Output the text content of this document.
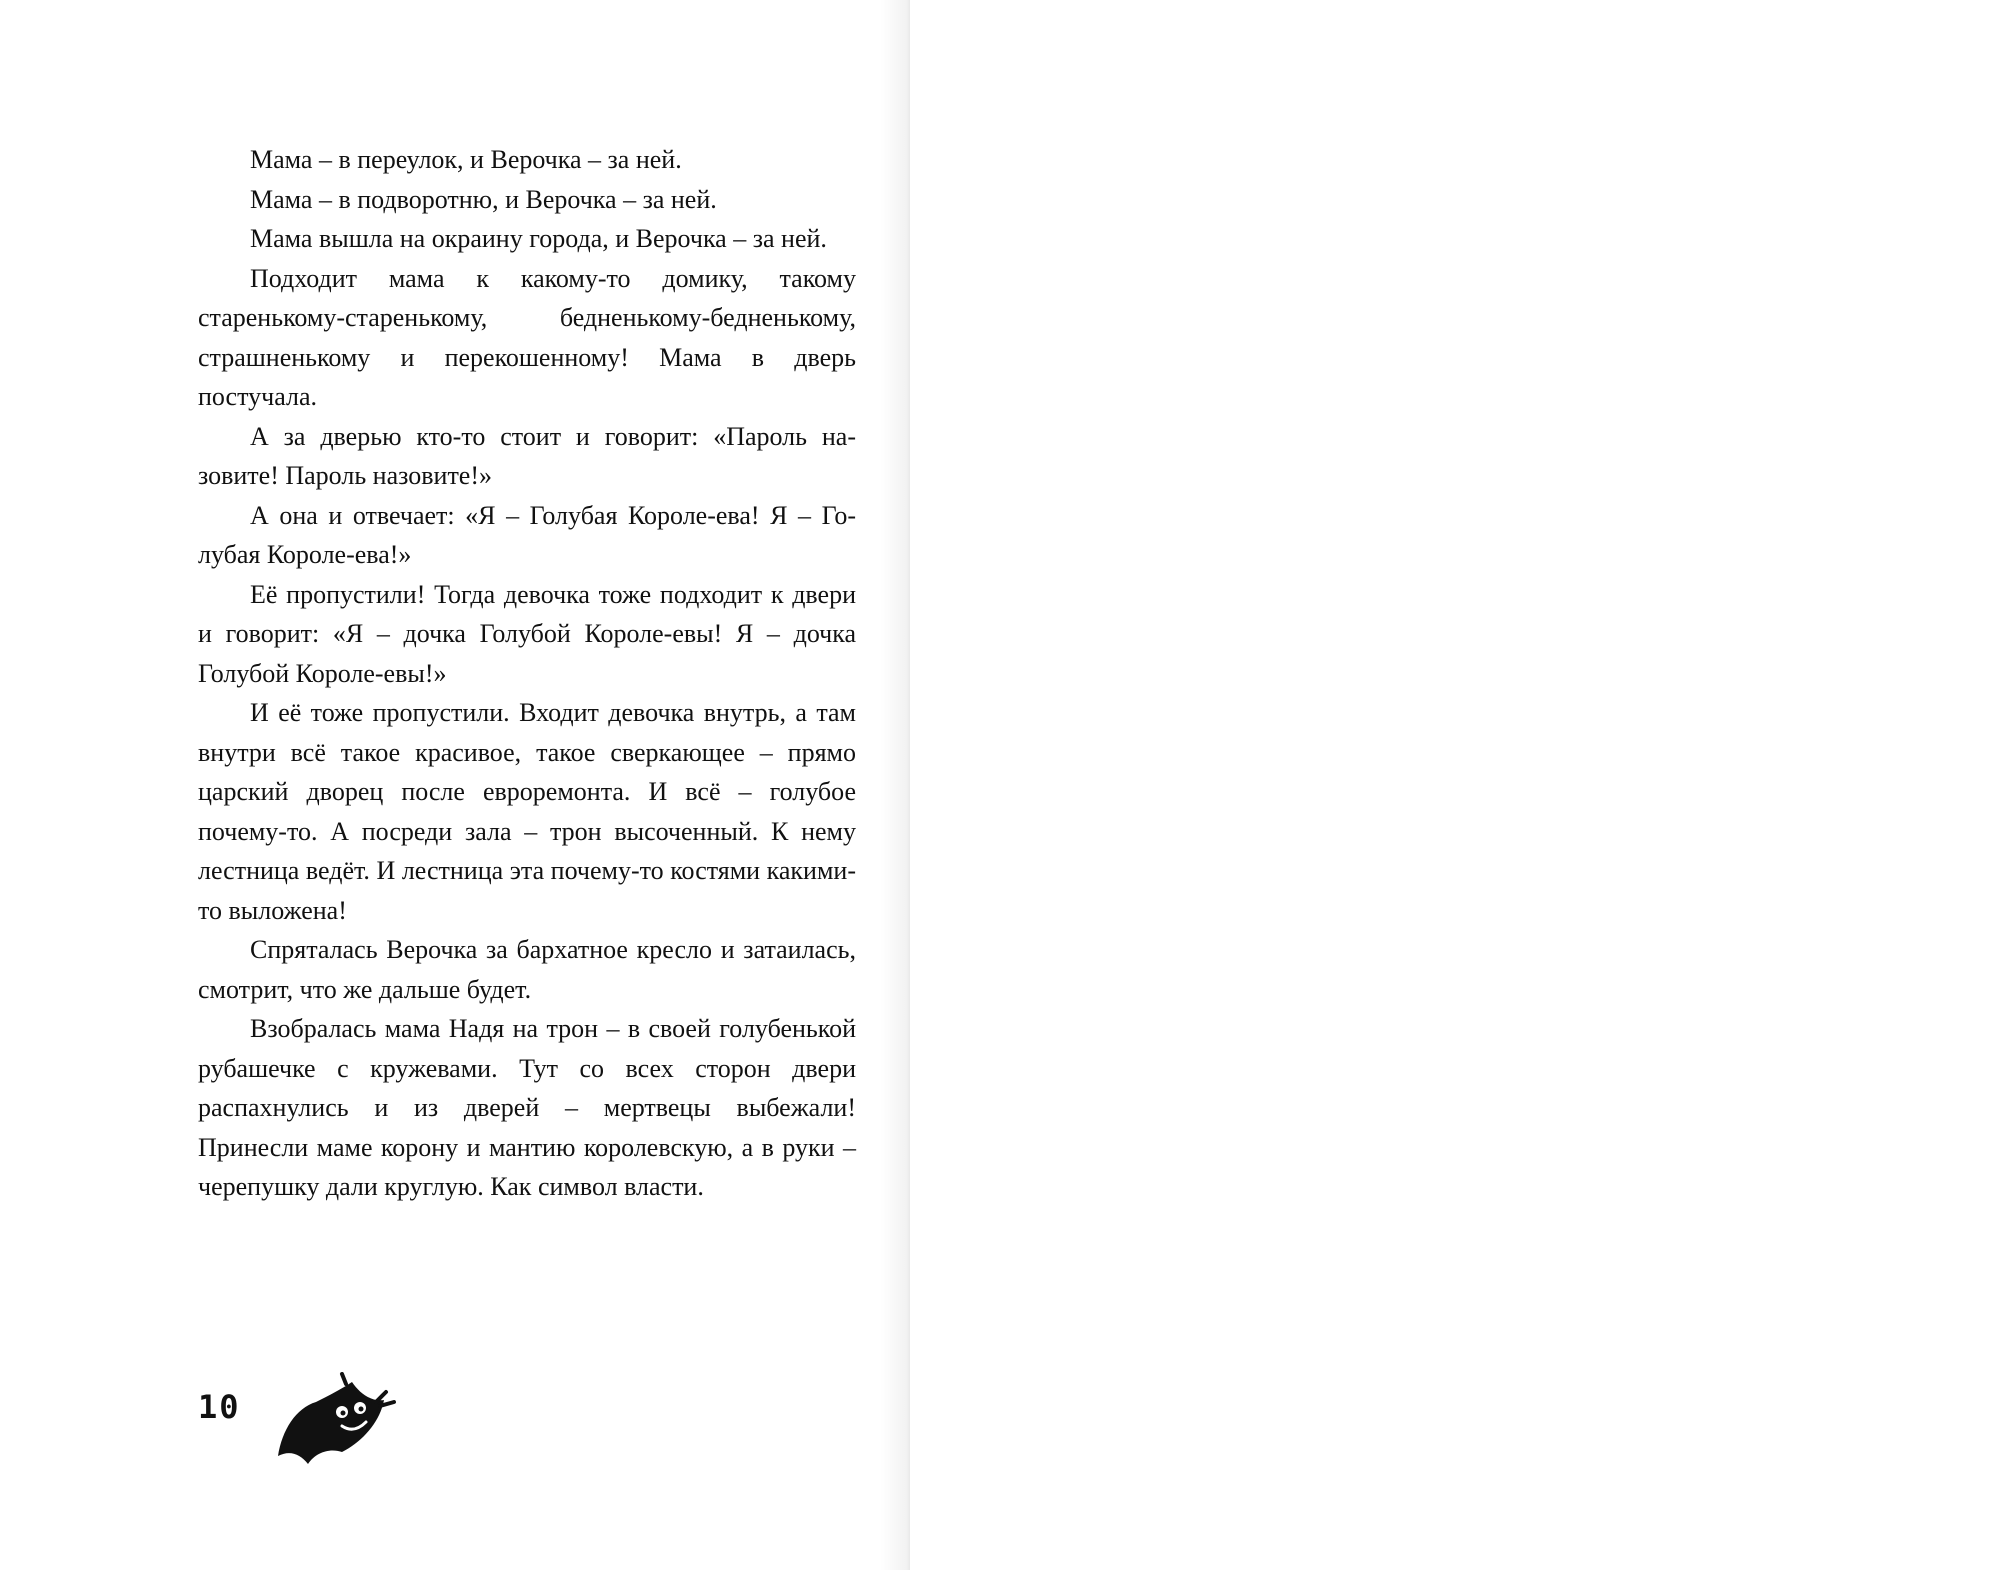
Мама – в переулок, и Верочка – за ней.

Мама – в подворотню, и Верочка – за ней.

Мама вышла на окраину города, и Верочка – за ней.

Подходит мама к какому-то домику, такому старенькому-старенькому, бедненькому-бедненькому, страшненькому и перекошенному! Мама в дверь постучала.

А за дверью кто-то стоит и говорит: «Пароль назовите! Пароль назовите!»

А она и отвечает: «Я – Голубая Короле-ева! Я – Голубая Короле-ева!»

Её пропустили! Тогда девочка тоже подходит к двери и говорит: «Я – дочка Голубой Короле-евы! Я – дочка Голубой Короле-евы!»

И её тоже пропустили. Входит девочка внутрь, а там внутри всё такое красивое, такое сверкающее – прямо царский дворец после евроремонта. И всё – голубое почему-то. А посреди зала – трон высоченный. К нему лестница ведёт. И лестница эта почему-то костями какими-то выложена!

Спряталась Верочка за бархатное кресло и затаилась, смотрит, что же дальше будет.

Взобралась мама Надя на трон – в своей голубенькой рубашечке с кружевами. Тут со всех сторон двери распахнулись и из дверей – мертвецы выбежали! Принесли маме корону и мантию королевскую, а в руки – черепушку дали круглую. Как символ власти.

10
